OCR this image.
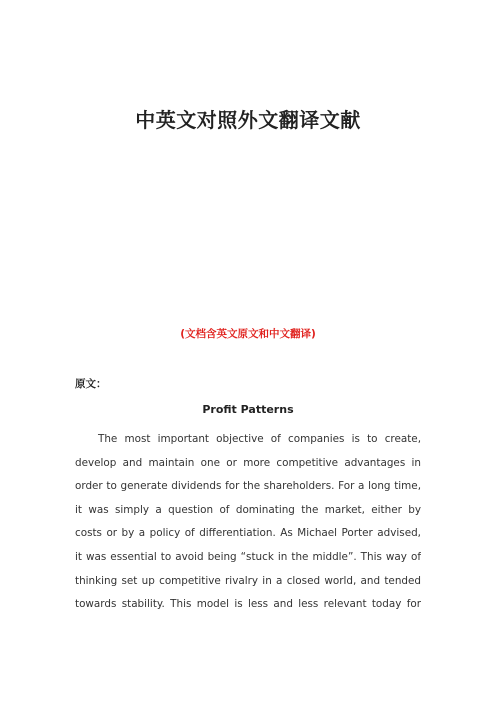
中英文对照外文翻译文献
(文档含英文原文和中文翻译)
原文：
Profit Patterns
The most important objective of companies is to create,
develop and maintain one or more competitive advantages in
order to generate dividends for the shareholders. For a long time,
it was simply a question of dominating the market, either by
costs or by a policy of differentiation. As Michael Porter advised,
it was essential to avoid being “stuck in the middle”. This way of
thinking set up competitive rivalry in a closed world, and tended
towards stability. This model is less and less relevant today for
